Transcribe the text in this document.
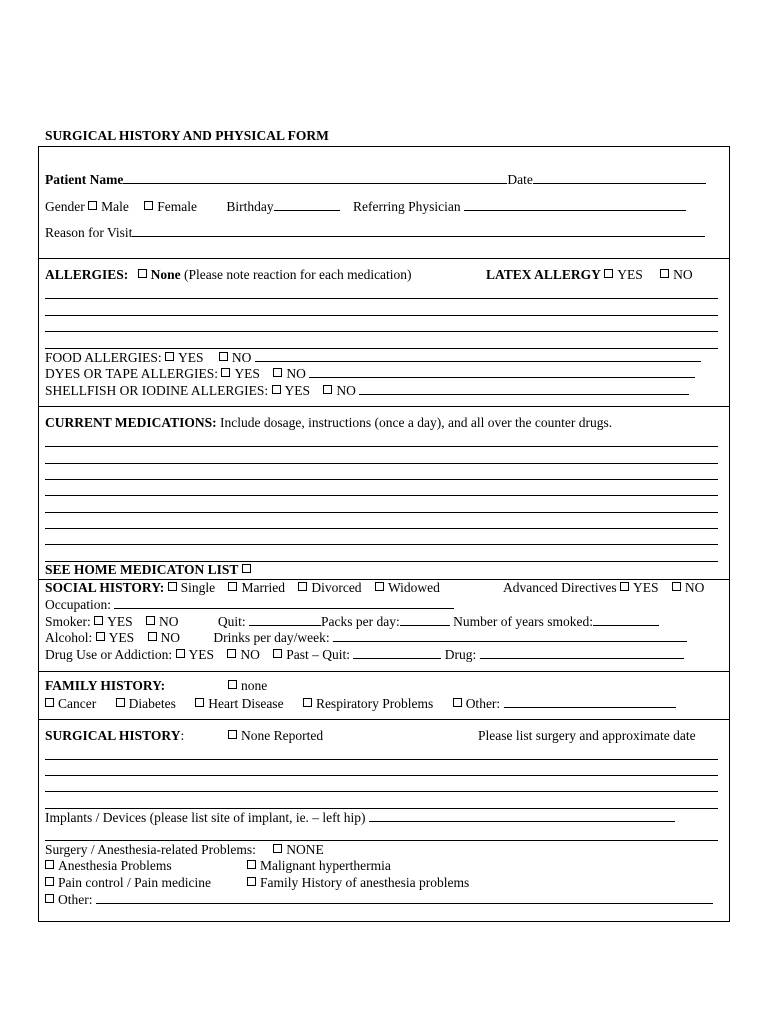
SURGICAL HISTORY AND PHYSICAL FORM
Patient Name	Date
Gender Male Female Birthday	Referring Physician
Reason for Visit
ALLERGIES: None (Please note reaction for each medication)	LATEX ALLERGY YES NO
FOOD ALLERGIES: YES NO
DYES OR TAPE ALLERGIES: YES NO
SHELLFISH OR IODINE ALLERGIES: YES NO
CURRENT MEDICATIONS: Include dosage, instructions (once a day), and all over the counter drugs.
SEE HOME MEDICATON LIST
SOCIAL HISTORY: Single Married Divorced Widowed	Advanced Directives YES NO
Occupation:
Smoker: YES NO	Quit:	Packs per day:	Number of years smoked:
Alcohol: YES NO Drinks per day/week:
Drug Use or Addiction: YES NO Past – Quit:	Drug:
FAMILY HISTORY:	none
Cancer Diabetes Heart Disease Respiratory Problems Other:
SURGICAL HISTORY:	None Reported	Please list surgery and approximate date
Implants / Devices (please list site of implant, ie. – left hip)
Surgery / Anesthesia-related Problems: NONE
Anesthesia Problems	Malignant hyperthermia
Pain control / Pain medicine	Family History of anesthesia problems
Other:
